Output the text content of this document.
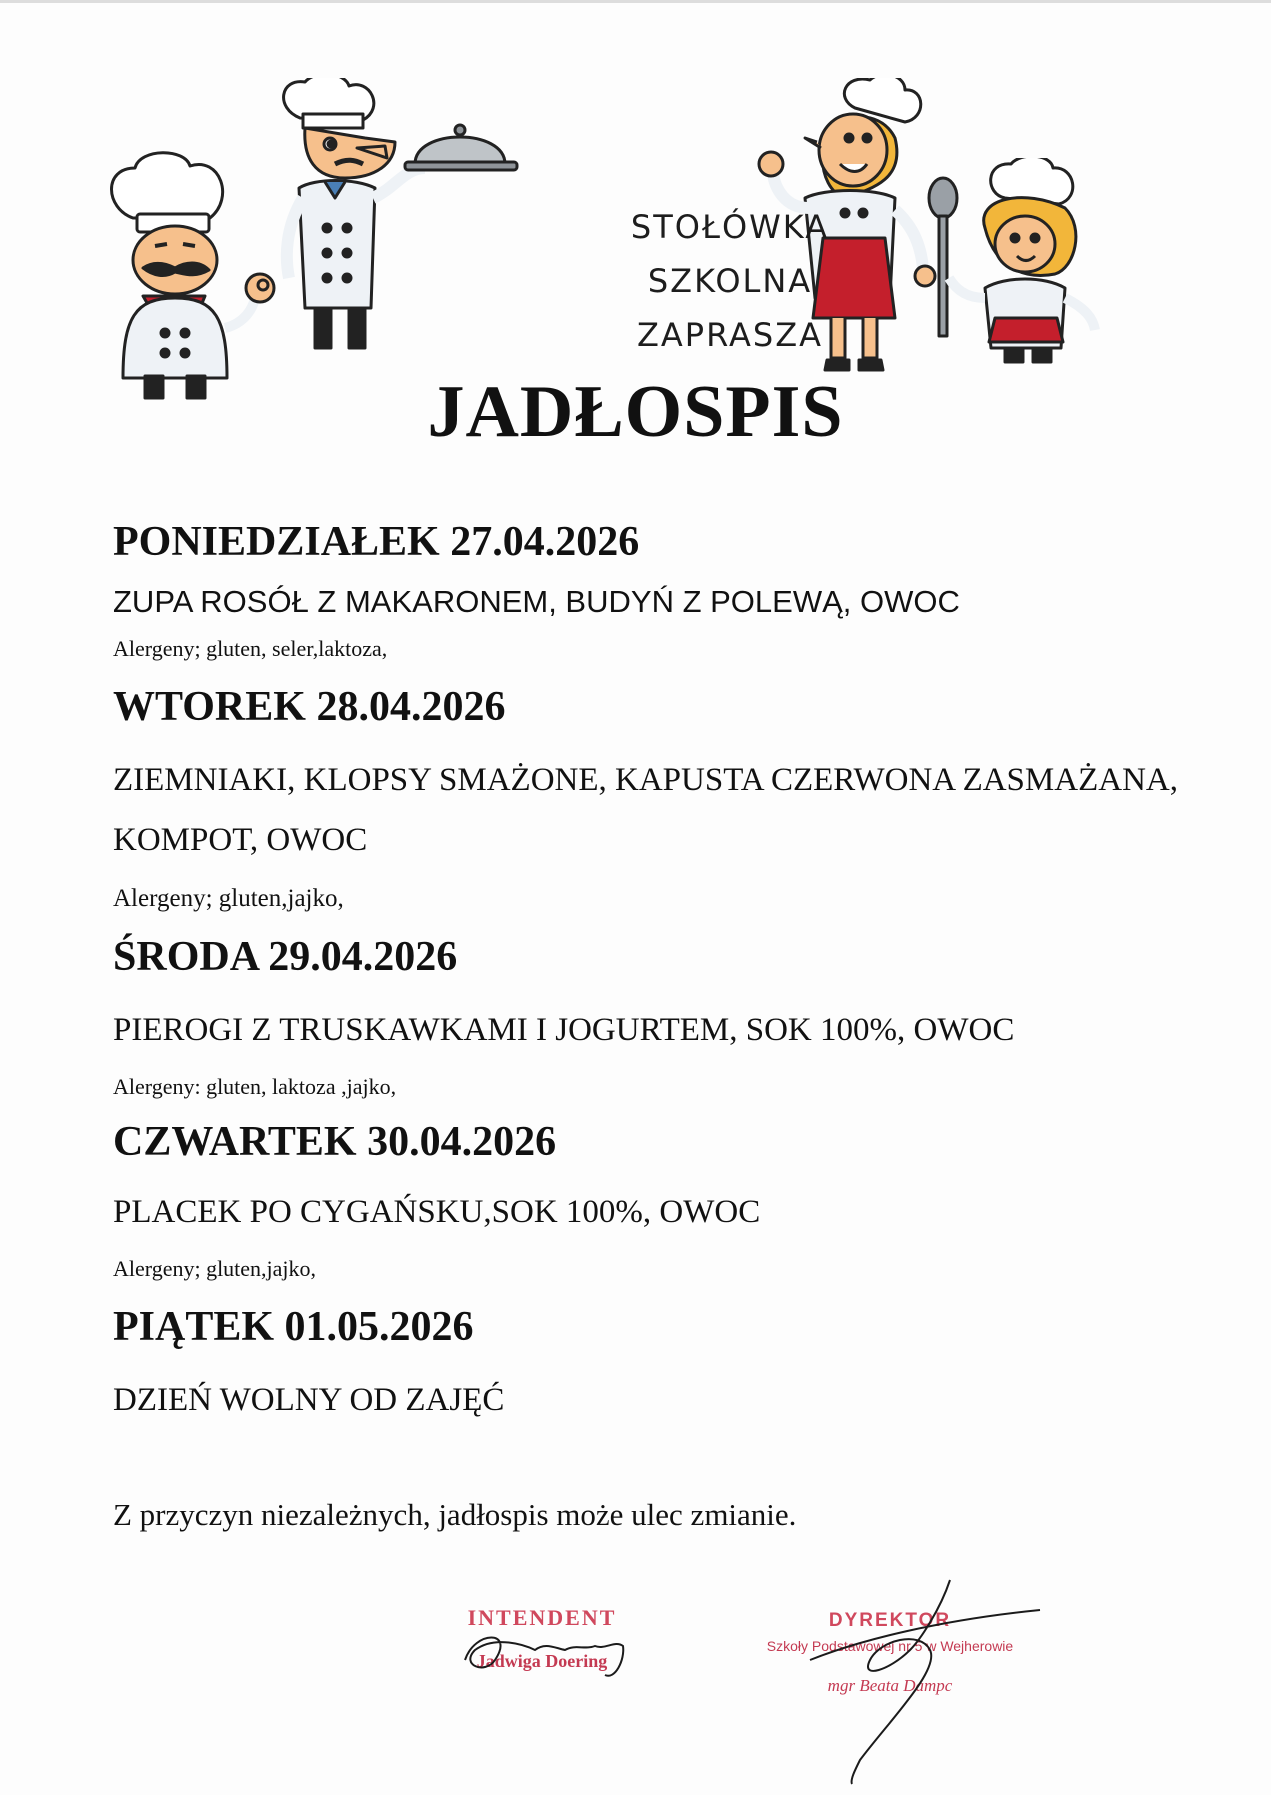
STOŁÓWKA
SZKOLNA
ZAPRASZA
JADŁOSPIS
PONIEDZIAŁEK 27.04.2026
ZUPA ROSÓŁ Z MAKARONEM, BUDYŃ Z POLEWĄ, OWOC
Alergeny; gluten, seler,laktoza,
WTOREK 28.04.2026
ZIEMNIAKI, KLOPSY SMAŻONE, KAPUSTA CZERWONA ZASMAŻANA,
KOMPOT, OWOC
Alergeny; gluten,jajko,
ŚRODA 29.04.2026
PIEROGI Z TRUSKAWKAMI I JOGURTEM, SOK 100%, OWOC
Alergeny: gluten, laktoza ,jajko,
CZWARTEK 30.04.2026
PLACEK PO CYGAŃSKU,SOK 100%, OWOC
Alergeny; gluten,jajko,
PIĄTEK 01.05.2026
DZIEŃ WOLNY OD ZAJĘĆ
Z przyczyn niezależnych, jadłospis może ulec zmianie.
INTENDENT
Jadwiga Doering
DYREKTOR
Szkoły Podstawowej nr 5 w Wejherowie
mgr Beata Dampc
